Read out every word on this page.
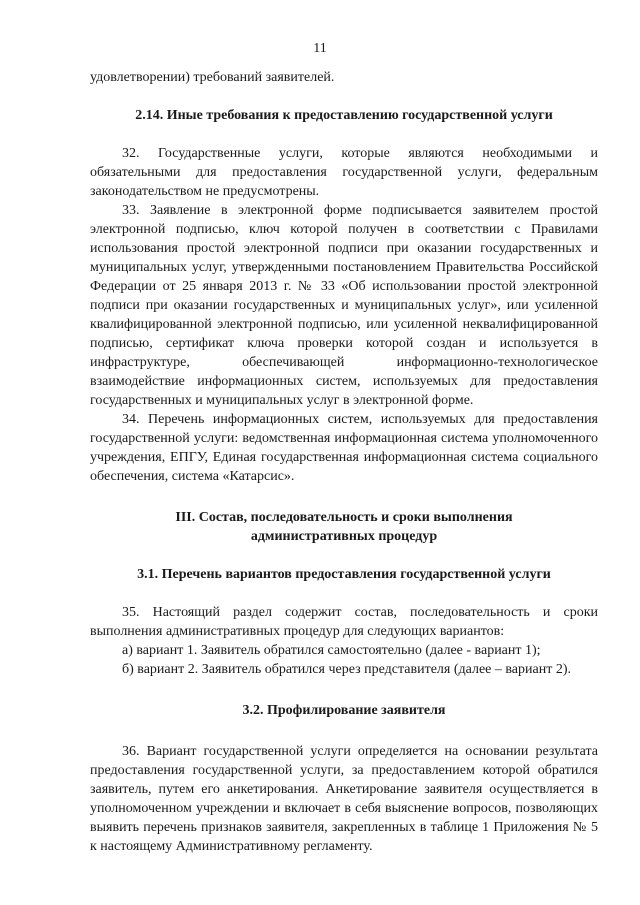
11

удовлетворении) требований заявителей.

2.14. Иные требования к предоставлению государственной услуги

32. Государственные услуги, которые являются необходимыми и обязательными для предоставления государственной услуги, федеральным законодательством не предусмотрены.

33. Заявление в электронной форме подписывается заявителем простой электронной подписью, ключ которой получен в соответствии с Правилами использования простой электронной подписи при оказании государственных и муниципальных услуг, утвержденными постановлением Правительства Российской Федерации от 25 января 2013 г. № 33 «Об использовании простой электронной подписи при оказании государственных и муниципальных услуг», или усиленной квалифицированной электронной подписью, или усиленной неквалифицированной подписью, сертификат ключа проверки которой создан и используется в инфраструктуре, обеспечивающей информационно-технологическое взаимодействие информационных систем, используемых для предоставления государственных и муниципальных услуг в электронной форме.

34. Перечень информационных систем, используемых для предоставления государственной услуги: ведомственная информационная система уполномоченного учреждения, ЕПГУ, Единая государственная информационная система социального обеспечения, система «Катарсис».

III. Состав, последовательность и сроки выполнения

административных процедур

3.1. Перечень вариантов предоставления государственной услуги

35. Настоящий раздел содержит состав, последовательность и сроки выполнения административных процедур для следующих вариантов:

а) вариант 1. Заявитель обратился самостоятельно (далее - вариант 1);

б) вариант 2. Заявитель обратился через представителя (далее – вариант 2).

3.2. Профилирование заявителя

36. Вариант государственной услуги определяется на основании результата предоставления государственной услуги, за предоставлением которой обратился заявитель, путем его анкетирования. Анкетирование заявителя осуществляется в уполномоченном учреждении и включает в себя выяснение вопросов, позволяющих выявить перечень признаков заявителя, закрепленных в таблице 1 Приложения № 5 к настоящему Административному регламенту.
